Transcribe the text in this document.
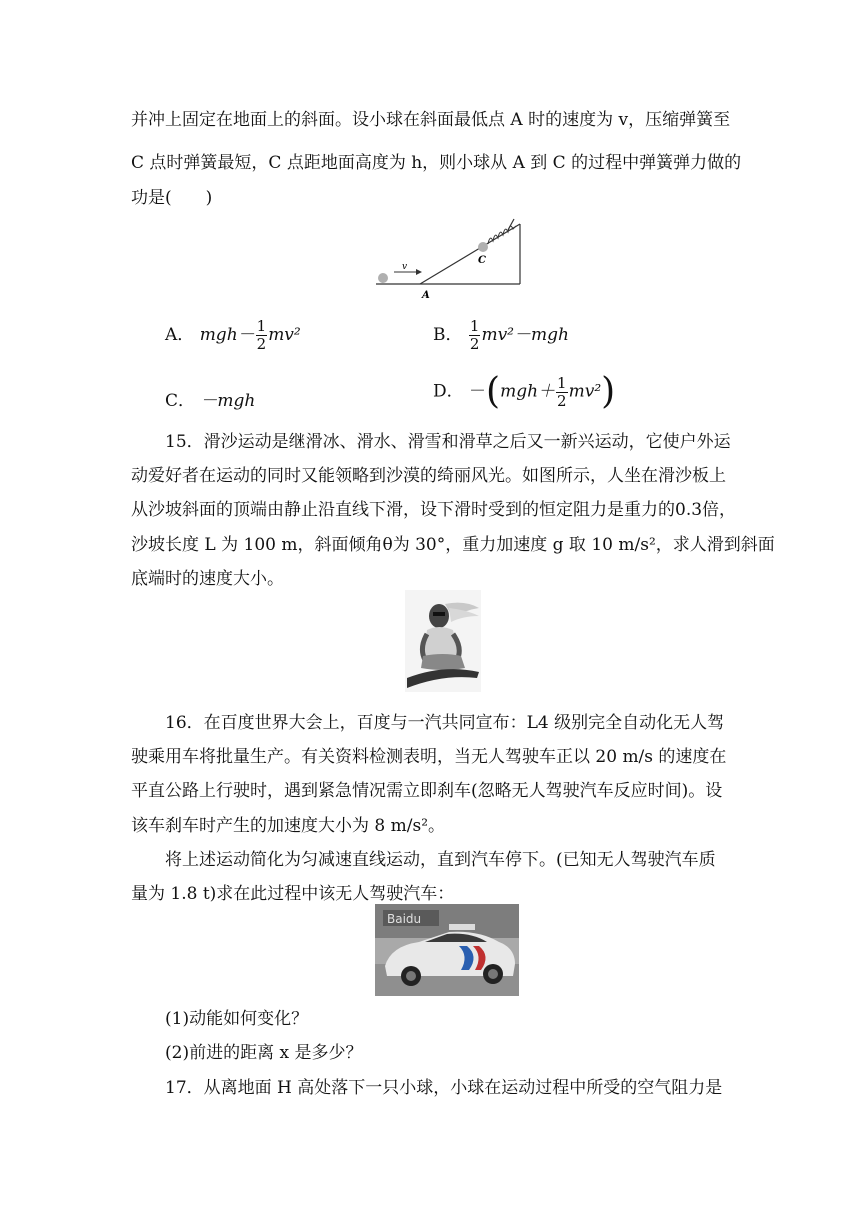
并冲上固定在地面上的斜面。设小球在斜面最低点 A 时的速度为 v，压缩弹簧至
C 点时弹簧最短，C 点距地面高度为 h，则小球从 A 到 C 的过程中弹簧弹力做的
功是(　　)
v
A
C
A． $mgh- \frac{1}{2} mv^2$	B． $\frac{1}{2} mv^2-mgh$
C． －mgh	D． $-(mgh+ \frac{1}{2} mv^2)$
15．滑沙运动是继滑冰、滑水、滑雪和滑草之后又一新兴运动，它使户外运
动爱好者在运动的同时又能领略到沙漠的绮丽风光。如图所示，人坐在滑沙板上
从沙坡斜面的顶端由静止沿直线下滑，设下滑时受到的恒定阻力是重力的0.3倍，
沙坡长度 L 为 100 m，斜面倾角θ为 30°，重力加速度 g 取 10 m/s²，求人滑到斜面
底端时的速度大小。
16．在百度世界大会上，百度与一汽共同宣布：L4 级别完全自动化无人驾
驶乘用车将批量生产。有关资料检测表明，当无人驾驶车正以 20 m/s 的速度在
平直公路上行驶时，遇到紧急情况需立即刹车(忽略无人驾驶汽车反应时间)。设
该车刹车时产生的加速度大小为 8 m/s²。
将上述运动简化为匀减速直线运动，直到汽车停下。(已知无人驾驶汽车质
量为 1.8 t)求在此过程中该无人驾驶汽车：
Baidu
(1)动能如何变化？
(2)前进的距离 x 是多少？
17．从离地面 H 高处落下一只小球，小球在运动过程中所受的空气阻力是
